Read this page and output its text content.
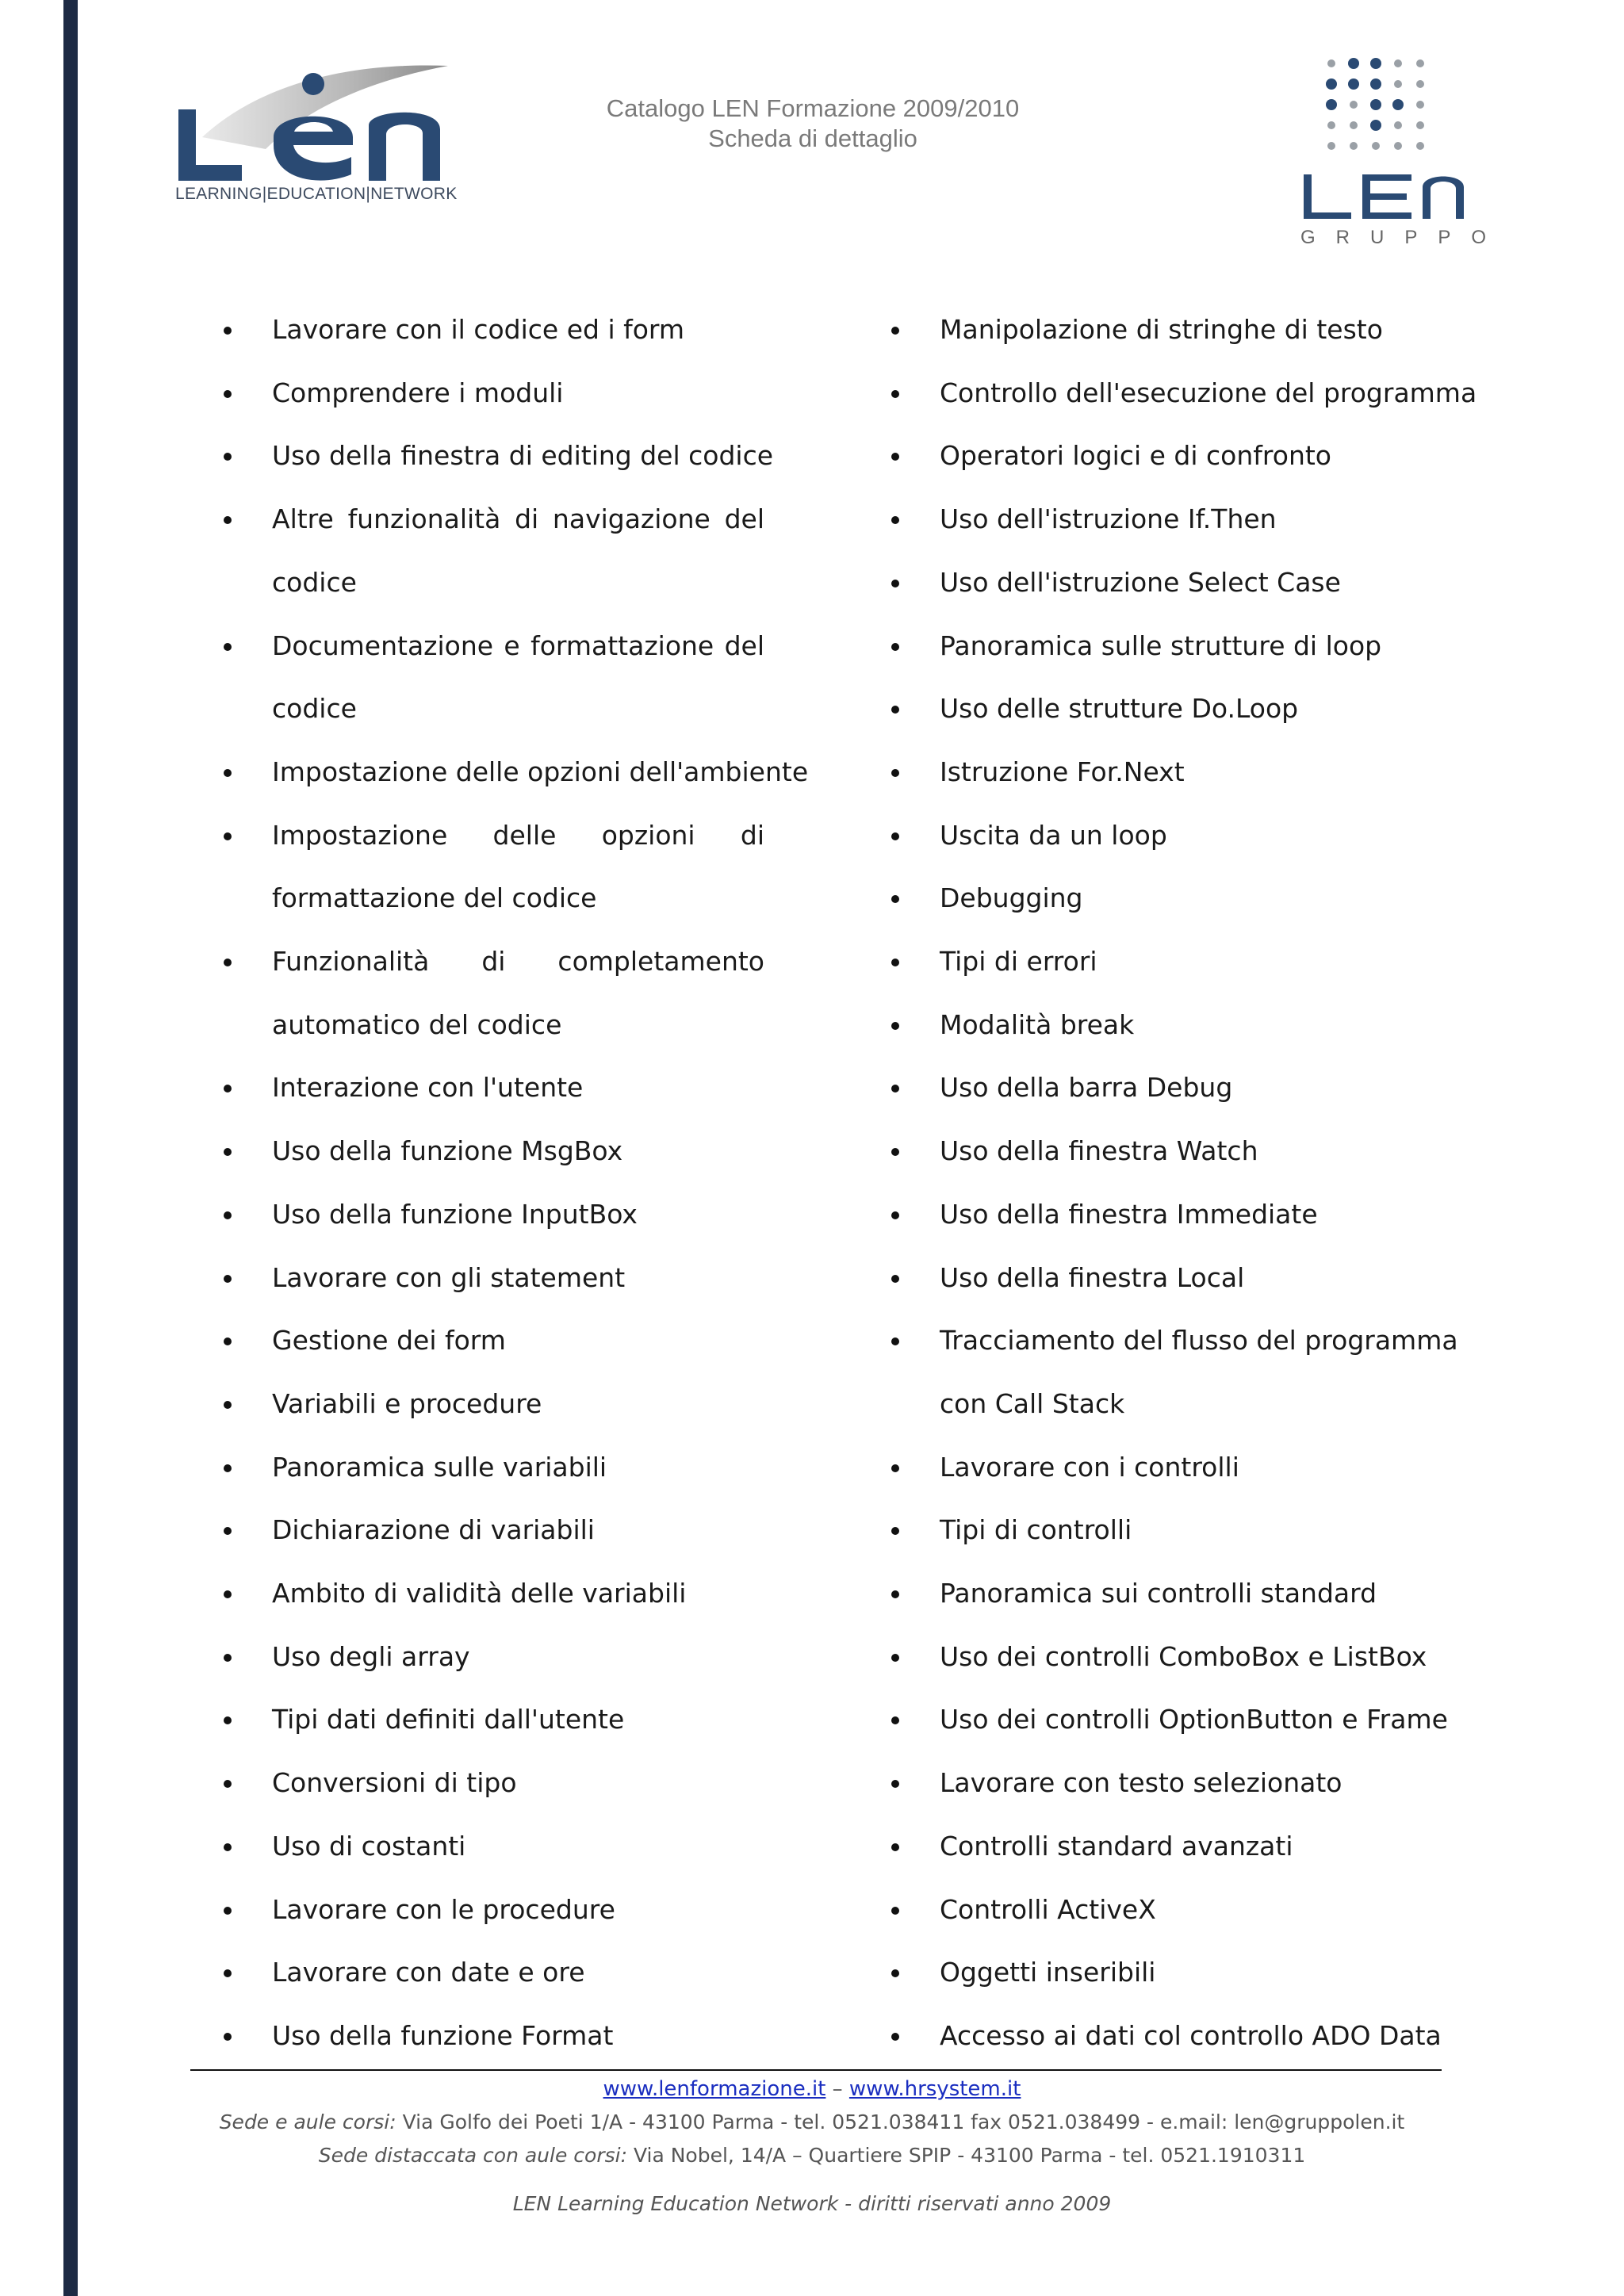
LEARNING|EDUCATION|NETWORK
Catalogo LEN Formazione 2009/2010
Scheda di dettaglio
GRUPPO
Lavorare con il codice ed i form
Comprendere i moduli
Uso della finestra di editing del codice
Altre funzionalità di navigazione del
codice
Documentazione e formattazione del
codice
Impostazione delle opzioni dell'ambiente
Impostazione delle opzioni di
formattazione del codice
Funzionalità di completamento
automatico del codice
Interazione con l'utente
Uso della funzione MsgBox
Uso della funzione InputBox
Lavorare con gli statement
Gestione dei form
Variabili e procedure
Panoramica sulle variabili
Dichiarazione di variabili
Ambito di validità delle variabili
Uso degli array
Tipi dati definiti dall'utente
Conversioni di tipo
Uso di costanti
Lavorare con le procedure
Lavorare con date e ore
Uso della funzione Format
Manipolazione di stringhe di testo
Controllo dell'esecuzione del programma
Operatori logici e di confronto
Uso dell'istruzione If.Then
Uso dell'istruzione Select Case
Panoramica sulle strutture di loop
Uso delle strutture Do.Loop
Istruzione For.Next
Uscita da un loop
Debugging
Tipi di errori
Modalità break
Uso della barra Debug
Uso della finestra Watch
Uso della finestra Immediate
Uso della finestra Local
Tracciamento del flusso del programma
con Call Stack
Lavorare con i controlli
Tipi di controlli
Panoramica sui controlli standard
Uso dei controlli ComboBox e ListBox
Uso dei controlli OptionButton e Frame
Lavorare con testo selezionato
Controlli standard avanzati
Controlli ActiveX
Oggetti inseribili
Accesso ai dati col controllo ADO Data
www.lenformazione.it – www.hrsystem.it
Sede e aule corsi: Via Golfo dei Poeti 1/A - 43100 Parma - tel. 0521.038411 fax 0521.038499 - e.mail: len@gruppolen.it
Sede distaccata con aule corsi: Via Nobel, 14/A – Quartiere SPIP - 43100 Parma - tel. 0521.1910311
LEN Learning Education Network - diritti riservati anno 2009
